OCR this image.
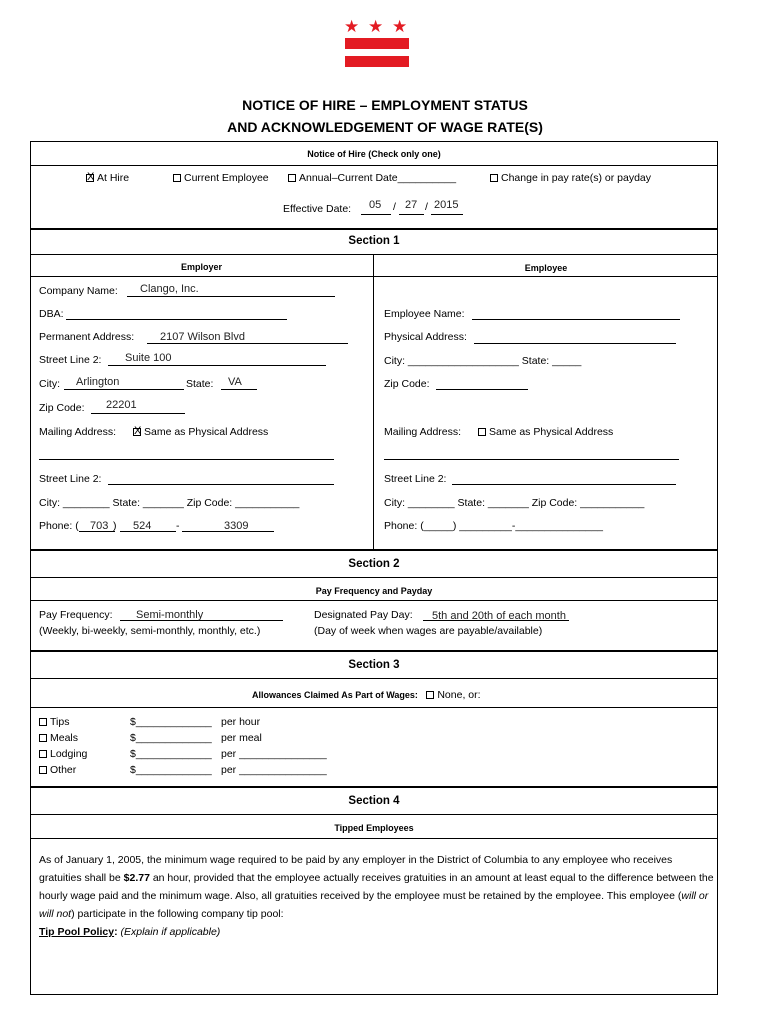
★ ★ ★
NOTICE OF HIRE – EMPLOYMENT STATUS
AND ACKNOWLEDGEMENT OF WAGE RATE(S)
Notice of Hire (Check only one)
X At Hire	Current Employee	Annual–Current Date__________	Change in pay rate(s) or payday
Effective Date: 05 / 27 / 2015
Section 1
Employer	Employee
Company Name: Clango, Inc.
DBA:
Permanent Address: 2107 Wilson Blvd
Street Line 2: Suite 100
City: Arlington	State: VA
Zip Code: 22201
Mailing Address: X Same as Physical Address
Street Line 2:
City: ________ State: _______ Zip Code: ___________
Phone: ( 703 ) 524 -	3309
Employee Name:
Physical Address:
City: ___________________ State: _____
Zip Code:
Mailing Address:	Same as Physical Address
Street Line 2:
City: ________ State: _______ Zip Code: ___________
Phone: (_____) _________-_______________
Section 2
Pay Frequency and Payday
Pay Frequency: Semi-monthly
(Weekly, bi-weekly, semi-monthly, monthly, etc.)
Designated Pay Day: 5th and 20th of each month
(Day of week when wages are payable/available)
Section 3
Allowances Claimed As Part of Wages: None, or:
Tips	$_____________ per hour
Meals	$_____________ per meal
Lodging	$_____________ per _______________
Other	$_____________ per _______________
Section 4
Tipped Employees
As of January 1, 2005, the minimum wage required to be paid by any employer in the District of Columbia to any employee who receives gratuities shall be $2.77 an hour, provided that the employee actually receives gratuities in an amount at least equal to the difference between the hourly wage paid and the minimum wage. Also, all gratuities received by the employee must be retained by the employee. This employee (will or will not) participate in the following company tip pool:
Tip Pool Policy: (Explain if applicable)
